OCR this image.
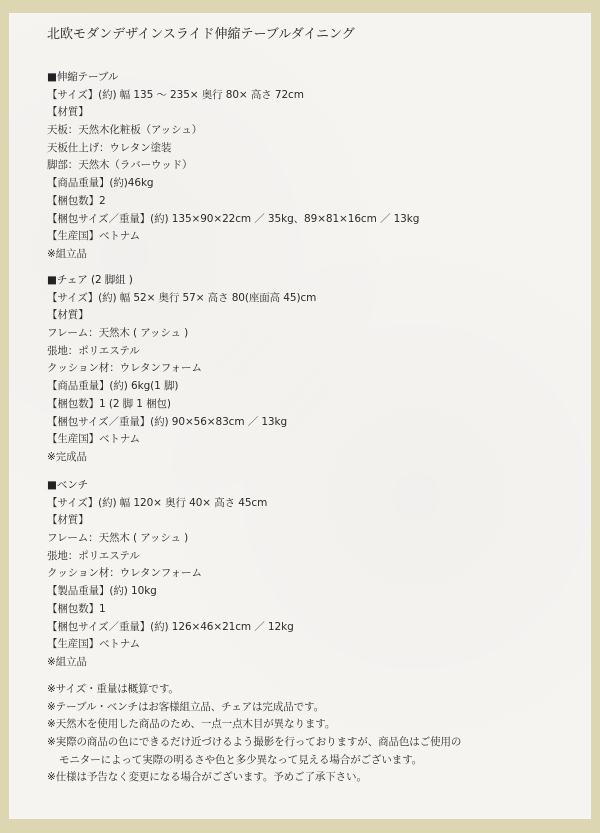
北欧モダンデザインスライド伸縮テーブルダイニング
■伸縮テーブル
【サイズ】(約) 幅 135 ～ 235× 奥行 80× 高さ 72cm
【材質】
天板：天然木化粧板（アッシュ）
天板仕上げ：ウレタン塗装
脚部：天然木（ラバーウッド）
【商品重量】(約)46kg
【梱包数】2
【梱包サイズ／重量】(約) 135×90×22cm ／ 35kg、89×81×16cm ／ 13kg
【生産国】ベトナム
※組立品
■チェア (2 脚組 )
【サイズ】(約) 幅 52× 奥行 57× 高さ 80(座面高 45)cm
【材質】
フレーム：天然木 ( アッシュ )
張地：ポリエステル
クッション材：ウレタンフォーム
【商品重量】(約) 6kg(1 脚)
【梱包数】1 (2 脚 1 梱包)
【梱包サイズ／重量】(約) 90×56×83cm ／ 13kg
【生産国】ベトナム
※完成品
■ベンチ
【サイズ】(約) 幅 120× 奥行 40× 高さ 45cm
【材質】
フレーム：天然木 ( アッシュ )
張地：ポリエステル
クッション材：ウレタンフォーム
【製品重量】(約) 10kg
【梱包数】1
【梱包サイズ／重量】(約) 126×46×21cm ／ 12kg
【生産国】ベトナム
※組立品
※サイズ・重量は概算です。
※テーブル・ベンチはお客様組立品、チェアは完成品です。
※天然木を使用した商品のため、一点一点木目が異なります。
※実際の商品の色にできるだけ近づけるよう撮影を行っておりますが、商品色はご使用の
モニターによって実際の明るさや色と多少異なって見える場合がございます。
※仕様は予告なく変更になる場合がございます。予めご了承下さい。
